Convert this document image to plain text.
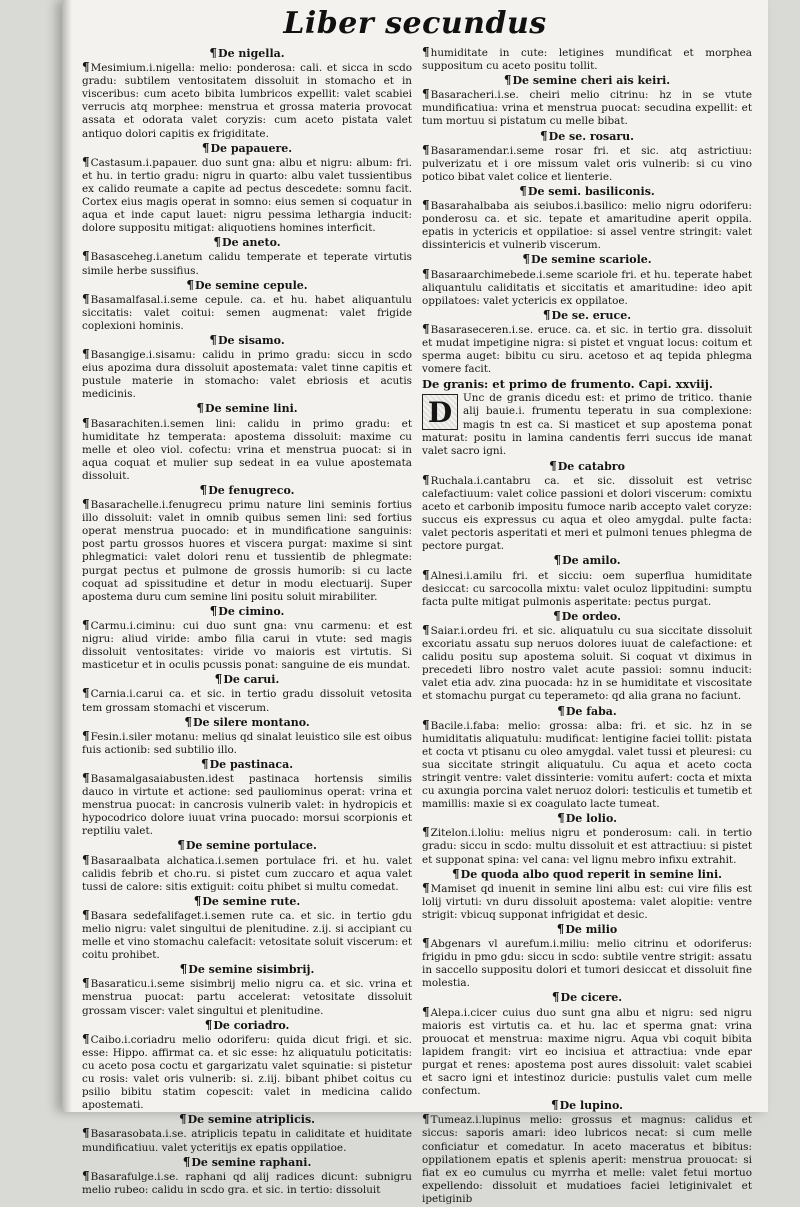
Liber secundus
¶De nigella.

¶Mesimium.i.nigella: melio: ponderosa: cali. et sicca in scdo gradu: subtilem ventositatem dissoluit in stomacho et in visceribus: cum aceto bibita lumbricos expellit: valet scabiei verrucis atq morphee: menstrua et grossa materia provocat assata et odorata valet coryzis: cum aceto pistata valet antiquo dolori capitis ex frigiditate.

¶De papauere.

¶Castasum.i.papauer. duo sunt gna: albu et nigru: album: fri. et hu. in tertio gradu: nigru in quarto: albu valet tussientibus ex calido reumate a capite ad pectus descedete: somnu facit. Cortex eius magis operat in somno: eius semen si coquatur in aqua et inde caput lauet: nigru pessima lethargia inducit: dolore suppositu mitigat: aliquotiens homines interficit.

¶De aneto.

¶Basasceheg.i.anetum calidu temperate et teperate virtutis simile herbe sussifius.

¶De semine cepule.

¶Basamalfasal.i.seme cepule. ca. et hu. habet aliquantulu siccitatis: valet coitui: semen augmenat: valet frigide coplexioni hominis.

¶De sisamo.

¶Basangige.i.sisamu: calidu in primo gradu: siccu in scdo eius apozima dura dissoluit apostemata: valet tinne capitis et pustule materie in stomacho: valet ebriosis et acutis medicinis.

¶De semine lini.

¶Basarachiten.i.semen lini: calidu in primo gradu: et humiditate hz temperata: apostema dissoluit: maxime cu melle et oleo viol. cofectu: vrina et menstrua puocat: si in aqua coquat et mulier sup sedeat in ea vulue apostemata dissoluit.

¶De fenugreco.

¶Basarachelle.i.fenugrecu primu nature lini seminis fortius illo dissoluit: valet in omnib quibus semen lini: sed fortius operat menstrua puocado: et in mundificatione sanguinis: post partu grossos huores et viscera purgat: maxime si sint phlegmatici: valet dolori renu et tussientib de phlegmate: purgat pectus et pulmone de grossis humorib: si cu lacte coquat ad spissitudine et detur in modu electuarij. Super apostema duru cum semine lini positu soluit mirabiliter.

¶De cimino.

¶Carmu.i.ciminu: cui duo sunt gna: vnu carmenu: et est nigru: aliud viride: ambo filia carui in vtute: sed magis dissoluit ventositates: viride vo maioris est virtutis. Si masticetur et in oculis pcussis ponat: sanguine de eis mundat.

¶De carui.

¶Carnia.i.carui ca. et sic. in tertio gradu dissoluit vetosita tem grossam stomachi et viscerum.

¶De silere montano.

¶Fesin.i.siler motanu: melius qd sinalat leuistico sile est oibus fuis actionib: sed subtilio illo.

¶De pastinaca.

¶Basamalgasaiabusten.idest pastinaca hortensis similis dauco in virtute et actione: sed pauliominus operat: vrina et menstrua puocat: in cancrosis vulnerib valet: in hydropicis et hypocodrico dolore iuuat vrina puocado: morsui scorpionis et reptiliu valet.

¶De semine portulace.

¶Basaraalbata alchatica.i.semen portulace fri. et hu. valet calidis febrib et cho.ru. si pistet cum zuccaro et aqua valet tussi de calore: sitis extiguit: coitu phibet si multu comedat.

¶De semine rute.

¶Basara sedefalifaget.i.semen rute ca. et sic. in tertio gdu melio nigru: valet singultui de plenitudine. z.ij. si accipiant cu melle et vino stomachu calefacit: vetositate soluit viscerum: et coitu prohibet.

¶De semine sisimbrij.

¶Basaraticu.i.seme sisimbrij melio nigru ca. et sic. vrina et menstrua puocat: partu accelerat: vetositate dissoluit grossam viscer: valet singultui et plenitudine.

¶De coriadro.

¶Caibo.i.coriadru melio odoriferu: quida dicut frigi. et sic. esse: Hippo. affirmat ca. et sic esse: hz aliquatulu poticitatis: cu aceto posa coctu et gargarizatu valet squinatie: si pistetur cu rosis: valet oris vulnerib: si. z.iij. bibant phibet coitus cu psilio bibitu statim copescit: valet in medicina calido apostemati.

¶De semine atriplicis.

¶Basarasobata.i.se. atriplicis tepatu in caliditate et huiditate mundificatiuu. valet ycteritijs ex epatis oppilatioe.

¶De semine raphani.

¶Basarafulge.i.se. raphani qd alij radices dicunt: subnigru melio rubeo: calidu in scdo gra. et sic. in tertio: dissoluit

¶humiditate in cute: letigines mundificat et morphea suppositum cu aceto positu tollit.

¶De semine cheri ais keiri.

¶Basaracheri.i.se. cheiri melio citrinu: hz in se vtute mundificatiua: vrina et menstrua puocat: secudina expellit: et tum mortuu si pistatum cu melle bibat.

¶De se. rosaru.

¶Basaramendar.i.seme rosar fri. et sic. atq astrictiuu: pulverizatu et i ore missum valet oris vulnerib: si cu vino potico bibat valet colice et lienterie.

¶De semi. basiliconis.

¶Basarahalbaba ais seiubos.i.basilico: melio nigru odoriferu: ponderosu ca. et sic. tepate et amaritudine aperit oppila. epatis in yctericis et oppilatioe: si assel ventre stringit: valet dissintericis et vulnerib viscerum.

¶De semine scariole.

¶Basaraarchimebede.i.seme scariole fri. et hu. teperate habet aliquantulu caliditatis et siccitatis et amaritudine: ideo apit oppilatoes: valet yctericis ex oppilatoe.

¶De se. eruce.

¶Basaraseceren.i.se. eruce. ca. et sic. in tertio gra. dissoluit et mudat impetigine nigra: si pistet et vnguat locus: coitum et sperma auget: bibitu cu siru. acetoso et aq tepida phlegma vomere facit.

De granis: et primo de frumento. Capi. xxviij.

D	Unc de granis dicedu est: et primo de tritico. thanie alij bauie.i. frumentu teperatu in sua complexione: magis tn est ca. Si masticet et sup apostema ponat maturat: positu in lamina candentis ferri succus ide manat valet sacro igni.

¶De catabro

¶Ruchala.i.cantabru ca. et sic. dissoluit est vetrisc calefactiuum: valet colice passioni et dolori viscerum: comixtu aceto et carbonib impositu fumoce narib accepto valet coryze: succus eis expressus cu aqua et oleo amygdal. pulte facta: valet pectoris asperitati et meri et pulmoni tenues phlegma de pectore purgat.

¶De amilo.

¶Alnesi.i.amilu fri. et sicciu: oem superflua humiditate desiccat: cu sarcocolla mixtu: valet oculoz lippitudini: sumptu facta pulte mitigat pulmonis asperitate: pectus purgat.

¶De ordeo.

¶Saiar.i.ordeu fri. et sic. aliquatulu cu sua siccitate dissoluit excoriatu assatu sup neruos dolores iuuat de calefactione: et calidu positu sup apostema soluit. Si coquat vt diximus in precedeti libro nostro valet acute passioi: somnu inducit: valet etia adv. zina puocada: hz in se humiditate et viscositate et stomachu purgat cu teperameto: qd alia grana no faciunt.

¶De faba.

¶Bacile.i.faba: melio: grossa: alba: fri. et sic. hz in se humiditatis aliquatulu: mudificat: lentigine faciei tollit: pistata et cocta vt ptisanu cu oleo amygdal. valet tussi et pleuresi: cu sua siccitate stringit aliquatulu. Cu aqua et aceto cocta stringit ventre: valet dissinterie: vomitu aufert: cocta et mixta cu axungia porcina valet neruoz dolori: testiculis et tumetib et mamillis: maxie si ex coagulato lacte tumeat.

¶De lolio.

¶Zitelon.i.loliu: melius nigru et ponderosum: cali. in tertio gradu: siccu in scdo: multu dissoluit et est attractiuu: si pistet et supponat spina: vel cana: vel lignu mebro infixu extrahit.

¶De quoda albo quod reperit in semine lini.

¶Mamiset qd inuenit in semine lini albu est: cui vire filis est lolij virtuti: vn duru dissoluit apostema: valet alopitie: ventre strigit: vbicuq supponat infrigidat et desic.

¶De milio

¶Abgenars vl aurefum.i.miliu: melio citrinu et odoriferus: frigidu in pmo gdu: siccu in scdo: subtile ventre strigit: assatu in saccello suppositu dolori et tumori desiccat et dissoluit fine molestia.

¶De cicere.

¶Alepa.i.cicer cuius duo sunt gna albu et nigru: sed nigru maioris est virtutis ca. et hu. lac et sperma gnat: vrina prouocat et menstrua: maxime nigru. Aqua vbi coquit bibita lapidem frangit: virt eo incisiua et attractiua: vnde epar purgat et renes: apostema post aures dissoluit: valet scabiei et sacro igni et intestinoz duricie: pustulis valet cum melle confectum.

¶De lupino.

¶Tumeaz.i.lupinus melio: grossus et magnus: calidus et siccus: saporis amari: ideo lubricos necat: si cum melle conficiatur et comedatur. In aceto maceratus et bibitus: oppilationem epatis et splenis aperit: menstrua prouocat: si fiat ex eo cumulus cu myrrha et melle: valet fetui mortuo expellendo: dissoluit et mudatioes faciei letiginivalet et ipetiginib
